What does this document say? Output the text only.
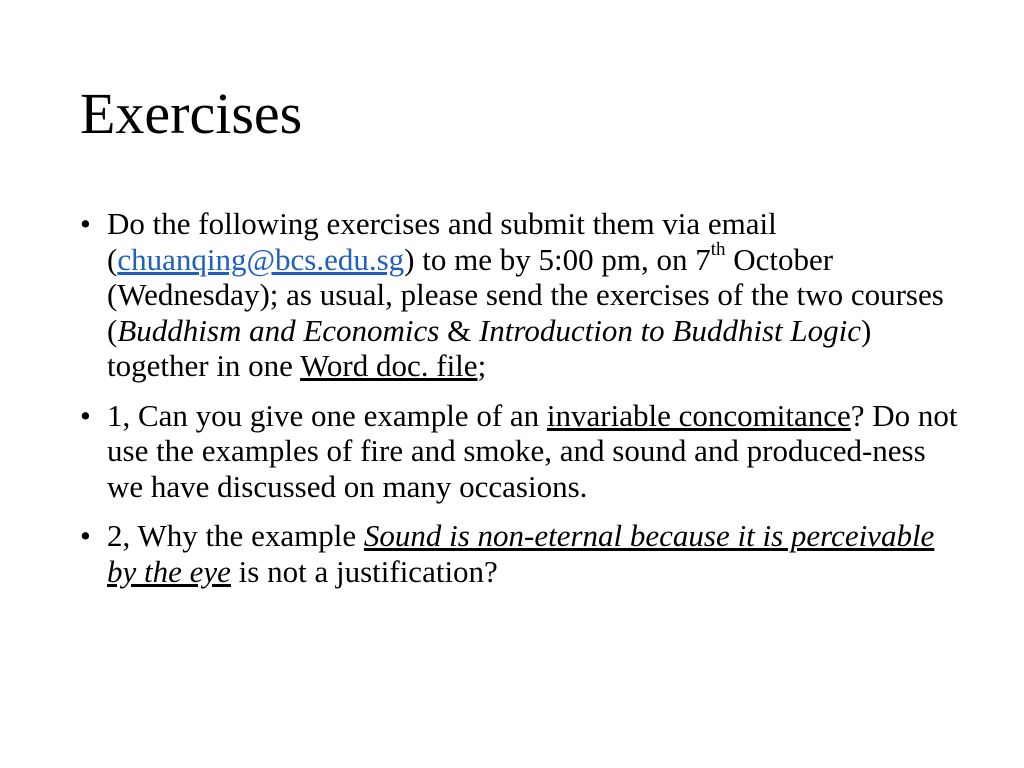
Exercises
• Do the following exercises and submit them via email (chuanqing@bcs.edu.sg) to me by 5:00 pm, on 7th October (Wednesday); as usual, please send the exercises of the two courses (Buddhism and Economics & Introduction to Buddhist Logic) together in one Word doc. file;
• 1, Can you give one example of an invariable concomitance? Do not use the examples of fire and smoke, and sound and produced-ness we have discussed on many occasions.
• 2, Why the example Sound is non-eternal because it is perceivable by the eye is not a justification?
